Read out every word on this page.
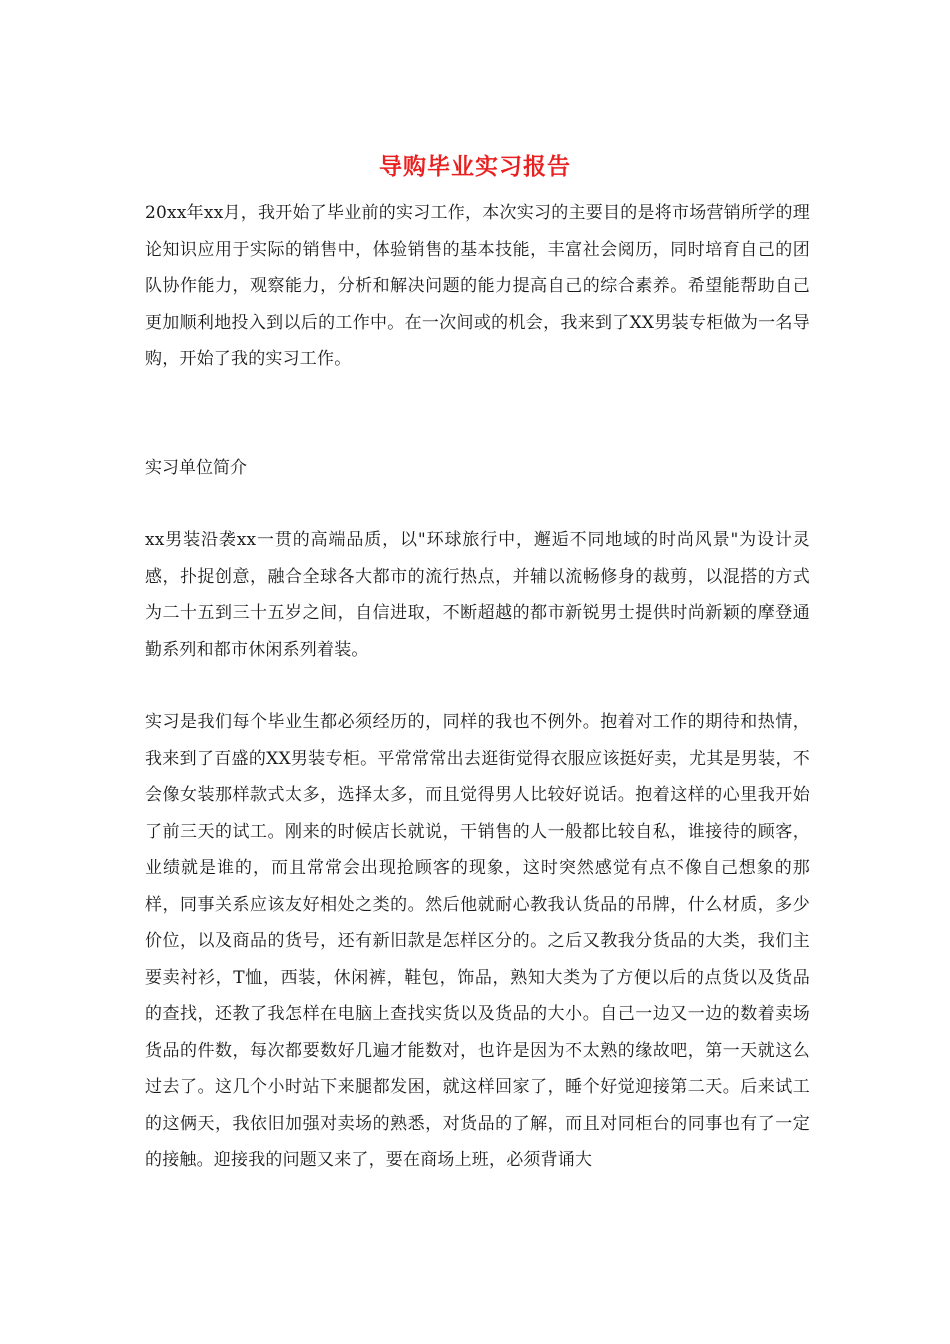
导购毕业实习报告

20xx年xx月，我开始了毕业前的实习工作，本次实习的主要目的是将市场营销所学的理论知识应用于实际的销售中，体验销售的基本技能，丰富社会阅历，同时培育自己的团队协作能力，观察能力，分析和解决问题的能力提高自己的综合素养。希望能帮助自己更加顺利地投入到以后的工作中。在一次间或的机会，我来到了XX男装专柜做为一名导购，开始了我的实习工作。

实习单位简介

xx男装沿袭xx一贯的高端品质，以"环球旅行中，邂逅不同地域的时尚风景"为设计灵感，扑捉创意，融合全球各大都市的流行热点，并辅以流畅修身的裁剪，以混搭的方式为二十五到三十五岁之间，自信进取，不断超越的都市新锐男士提供时尚新颖的摩登通勤系列和都市休闲系列着装。

实习是我们每个毕业生都必须经历的，同样的我也不例外。抱着对工作的期待和热情，我来到了百盛的XX男装专柜。平常常常出去逛街觉得衣服应该挺好卖，尤其是男装，不会像女装那样款式太多，选择太多，而且觉得男人比较好说话。抱着这样的心里我开始了前三天的试工。刚来的时候店长就说，干销售的人一般都比较自私，谁接待的顾客，业绩就是谁的，而且常常会出现抢顾客的现象，这时突然感觉有点不像自己想象的那样，同事关系应该友好相处之类的。然后他就耐心教我认货品的吊牌，什么材质，多少价位，以及商品的货号，还有新旧款是怎样区分的。之后又教我分货品的大类，我们主要卖衬衫，T恤，西装，休闲裤，鞋包，饰品，熟知大类为了方便以后的点货以及货品的查找，还教了我怎样在电脑上查找实货以及货品的大小。自己一边又一边的数着卖场货品的件数，每次都要数好几遍才能数对，也许是因为不太熟的缘故吧，第一天就这么过去了。这几个小时站下来腿都发困，就这样回家了，睡个好觉迎接第二天。后来试工的这俩天，我依旧加强对卖场的熟悉，对货品的了解，而且对同柜台的同事也有了一定的接触。迎接我的问题又来了，要在商场上班，必须背诵大
